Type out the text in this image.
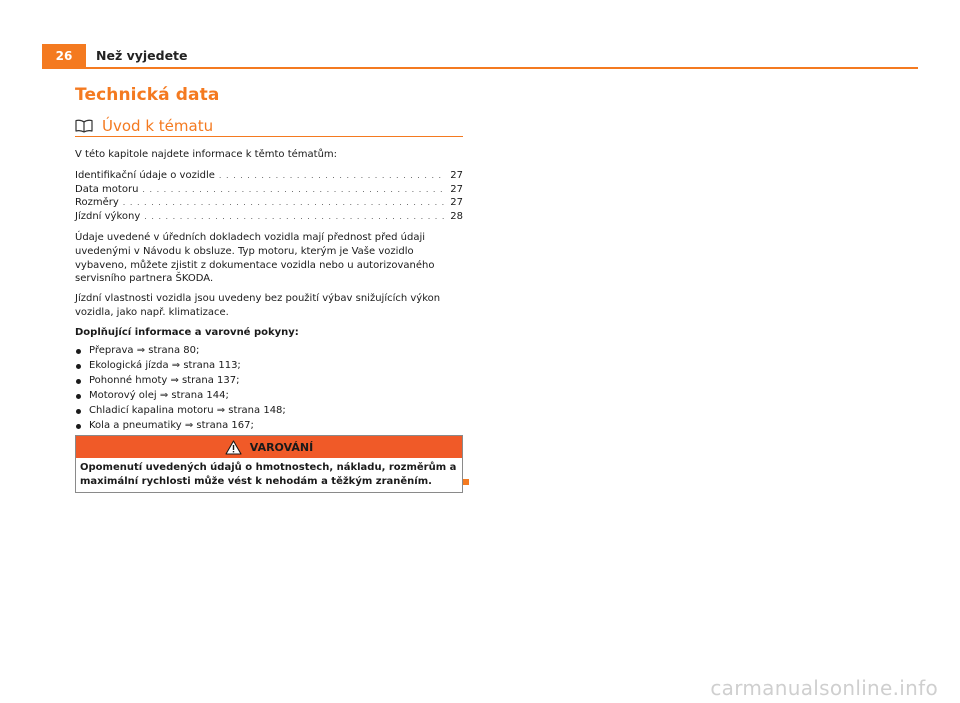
26	Než vyjedete
Technická data
Úvod k tématu

V této kapitole najdete informace k těmto tématům:

Identifikační údaje o vozidle . . .	27
Data motoru . . .	27
Rozměry . . .	27
Jízdní výkony . . .	28

Údaje uvedené v úředních dokladech vozidla mají přednost před údaji uvedenými v Návodu k obsluze. Typ motoru, kterým je Vaše vozidlo vybaveno, můžete zjistit z dokumentace vozidla nebo u autorizovaného servisního partnera ŠKODA.

Jízdní vlastnosti vozidla jsou uvedeny bez použití výbav snižujících výkon vozidla, jako např. klimatizace.

Doplňující informace a varovné pokyny:

Přeprava ⇒ strana 80;
Ekologická jízda ⇒ strana 113;
Pohonné hmoty ⇒ strana 137;
Motorový olej ⇒ strana 144;
Chladicí kapalina motoru ⇒ strana 148;
Kola a pneumatiky ⇒ strana 167;
VAROVÁNÍ
Opomenutí uvedených údajů o hmotnostech, nákladu, rozměrům a maximální rychlosti může vést k nehodám a těžkým zraněním.
carmanualsonline.info
